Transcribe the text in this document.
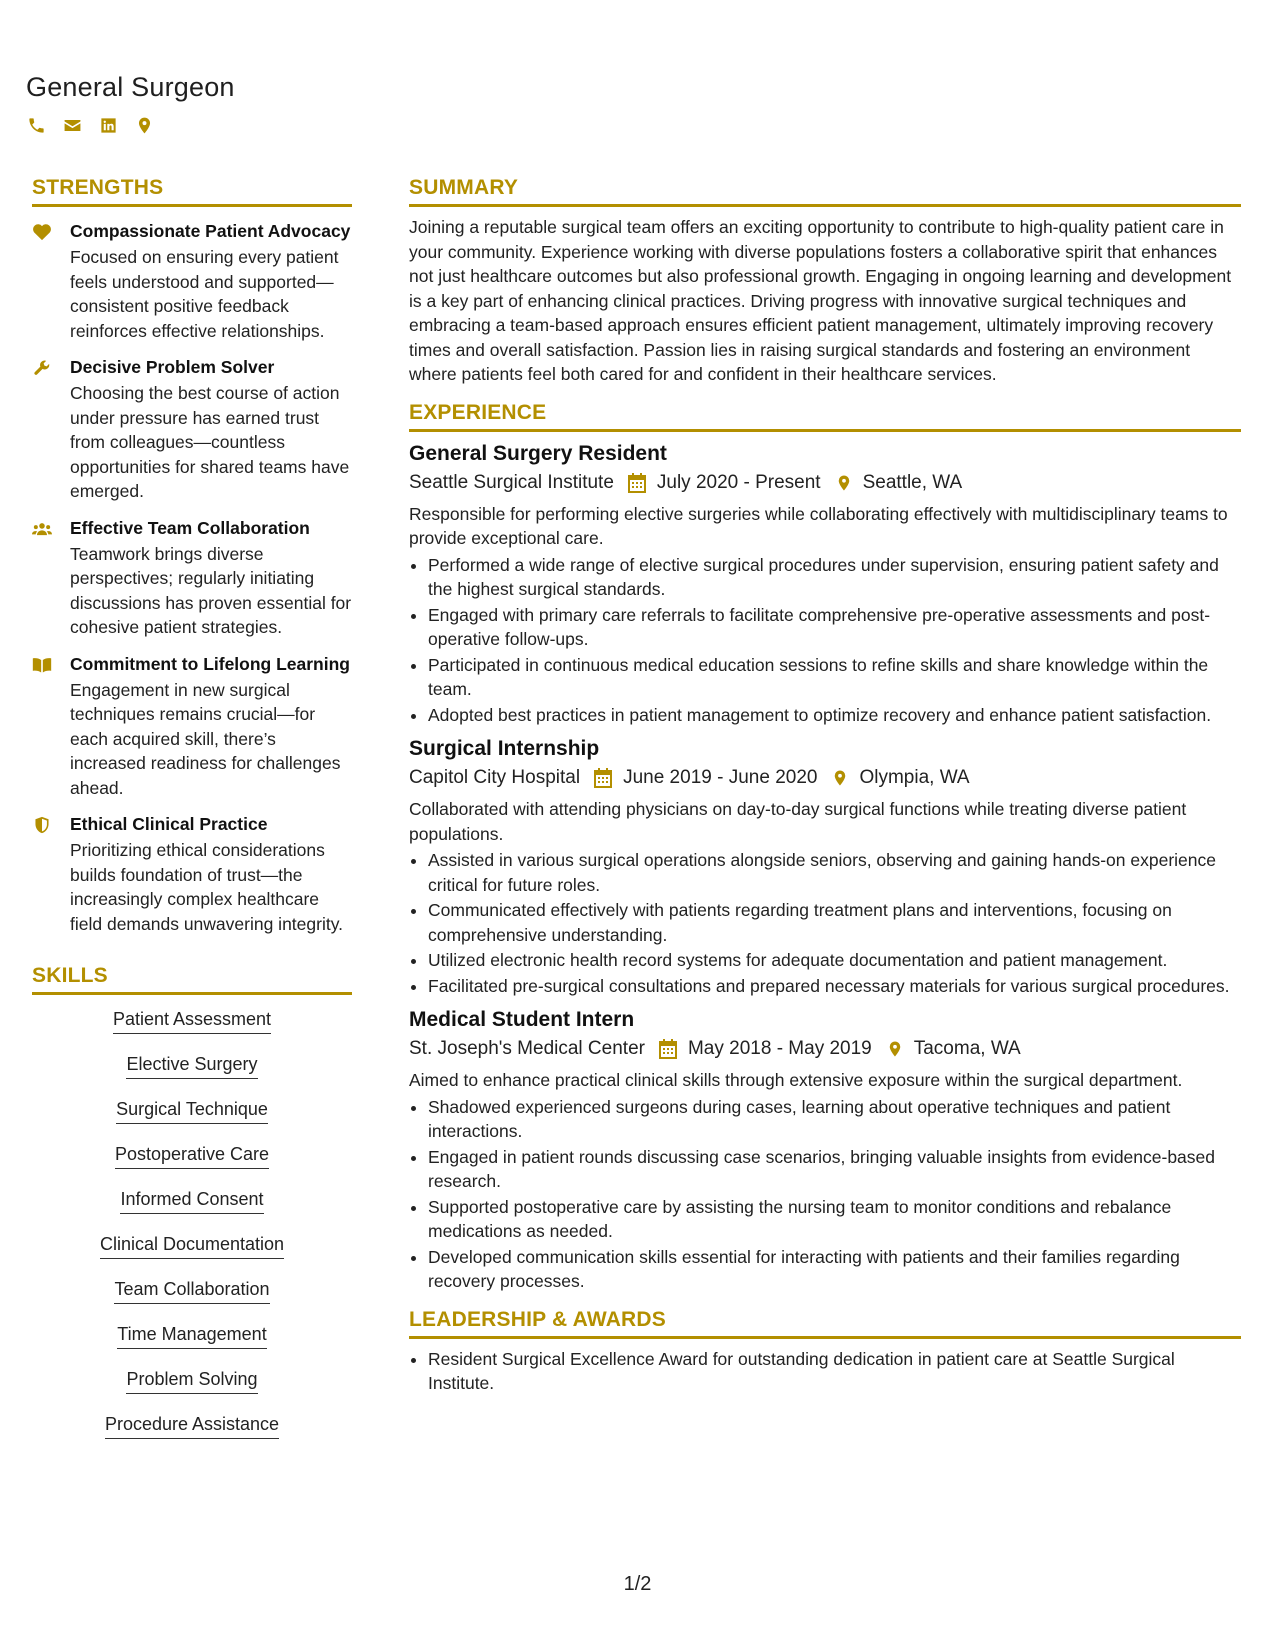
General Surgeon
STRENGTHS
Compassionate Patient Advocacy
Focused on ensuring every patient feels understood and supported—consistent positive feedback reinforces effective relationships.
Decisive Problem Solver
Choosing the best course of action under pressure has earned trust from colleagues—countless opportunities for shared teams have emerged.
Effective Team Collaboration
Teamwork brings diverse perspectives; regularly initiating discussions has proven essential for cohesive patient strategies.
Commitment to Lifelong Learning
Engagement in new surgical techniques remains crucial—for each acquired skill, there’s increased readiness for challenges ahead.
Ethical Clinical Practice
Prioritizing ethical considerations builds foundation of trust—the increasingly complex healthcare field demands unwavering integrity.
SKILLS
Patient Assessment
Elective Surgery
Surgical Technique
Postoperative Care
Informed Consent
Clinical Documentation
Team Collaboration
Time Management
Problem Solving
Procedure Assistance
SUMMARY
Joining a reputable surgical team offers an exciting opportunity to contribute to high-quality patient care in your community. Experience working with diverse populations fosters a collaborative spirit that enhances not just healthcare outcomes but also professional growth. Engaging in ongoing learning and development is a key part of enhancing clinical practices. Driving progress with innovative surgical techniques and embracing a team-based approach ensures efficient patient management, ultimately improving recovery times and overall satisfaction. Passion lies in raising surgical standards and fostering an environment where patients feel both cared for and confident in their healthcare services.
EXPERIENCE
General Surgery Resident
Seattle Surgical Institute July 2020 - Present Seattle, WA
Responsible for performing elective surgeries while collaborating effectively with multidisciplinary teams to provide exceptional care.
• Performed a wide range of elective surgical procedures under supervision, ensuring patient safety and the highest surgical standards.
• Engaged with primary care referrals to facilitate comprehensive pre-operative assessments and post-operative follow-ups.
• Participated in continuous medical education sessions to refine skills and share knowledge within the team.
• Adopted best practices in patient management to optimize recovery and enhance patient satisfaction.
Surgical Internship
Capitol City Hospital June 2019 - June 2020 Olympia, WA
Collaborated with attending physicians on day-to-day surgical functions while treating diverse patient populations.
• Assisted in various surgical operations alongside seniors, observing and gaining hands-on experience critical for future roles.
• Communicated effectively with patients regarding treatment plans and interventions, focusing on comprehensive understanding.
• Utilized electronic health record systems for adequate documentation and patient management.
• Facilitated pre-surgical consultations and prepared necessary materials for various surgical procedures.
Medical Student Intern
St. Joseph's Medical Center May 2018 - May 2019 Tacoma, WA
Aimed to enhance practical clinical skills through extensive exposure within the surgical department.
• Shadowed experienced surgeons during cases, learning about operative techniques and patient interactions.
• Engaged in patient rounds discussing case scenarios, bringing valuable insights from evidence-based research.
• Supported postoperative care by assisting the nursing team to monitor conditions and rebalance medications as needed.
• Developed communication skills essential for interacting with patients and their families regarding recovery processes.
LEADERSHIP & AWARDS
• Resident Surgical Excellence Award for outstanding dedication in patient care at Seattle Surgical Institute.
1/2
